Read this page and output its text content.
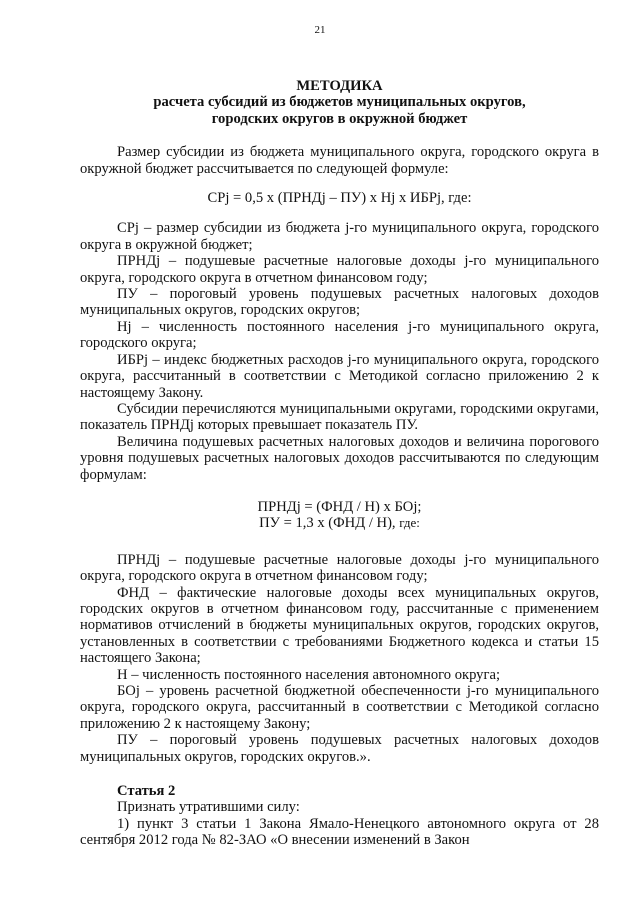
21
МЕТОДИКА
расчета субсидий из бюджетов муниципальных округов,
городских округов в окружной бюджет

Размер субсидии из бюджета муниципального округа, городского округа в окружной бюджет рассчитывается по следующей формуле:

СРj = 0,5 х (ПРНДj – ПУ) х Нj х ИБРj, где:

СРj – размер субсидии из бюджета j-го муниципального округа, городского округа в окружной бюджет;

ПРНДj – подушевые расчетные налоговые доходы j-го муниципального округа, городского округа в отчетном финансовом году;

ПУ – пороговый уровень подушевых расчетных налоговых доходов муниципальных округов, городских округов;

Нj – численность постоянного населения j-го муниципального округа, городского округа;

ИБРj – индекс бюджетных расходов j-го муниципального округа, городского округа, рассчитанный в соответствии с Методикой согласно приложению 2 к настоящему Закону.

Субсидии перечисляются муниципальными округами, городскими округами, показатель ПРНДj которых превышает показатель ПУ.

Величина подушевых расчетных налоговых доходов и величина порогового уровня подушевых расчетных налоговых доходов рассчитываются по следующим формулам:

ПРНДj = (ФНД / Н) х БОj;
ПУ = 1,3 х (ФНД / Н), где:

ПРНДj – подушевые расчетные налоговые доходы j-го муниципального округа, городского округа в отчетном финансовом году;

ФНД – фактические налоговые доходы всех муниципальных округов, городских округов в отчетном финансовом году, рассчитанные с применением нормативов отчислений в бюджеты муниципальных округов, городских округов, установленных в соответствии с требованиями Бюджетного кодекса и статьи 15 настоящего Закона;

Н – численность постоянного населения автономного округа;

БОj – уровень расчетной бюджетной обеспеченности j-го муниципального округа, городского округа, рассчитанный в соответствии с Методикой согласно приложению 2 к настоящему Закону;

ПУ – пороговый уровень подушевых расчетных налоговых доходов муниципальных округов, городских округов.».

Статья 2

Признать утратившими силу:

1) пункт 3 статьи 1 Закона Ямало-Ненецкого автономного округа от 28 сентября 2012 года № 82-ЗАО «О внесении изменений в Закон
